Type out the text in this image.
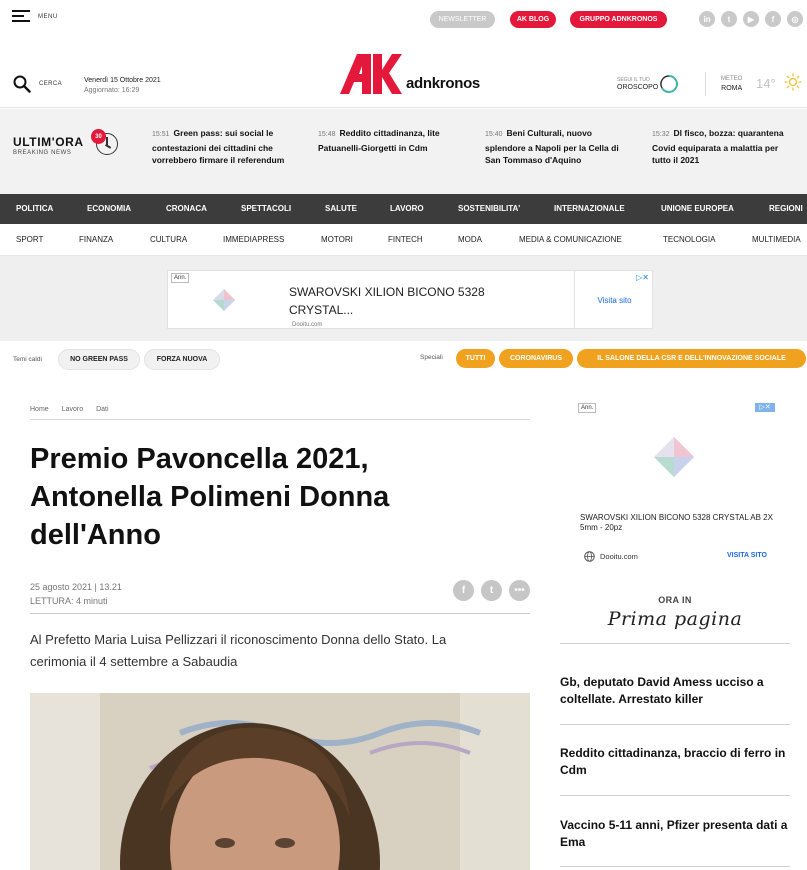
MENU	NEWSLETTER	AK BLOG	GRUPPO ADNKRONOS	in	t	▶	f	◎
CERCA	Venerdì 15 Ottobre 2021
Aggiornato: 16:29	adnkronos	SEGUI IL TUO
OROSCOPO
METEO
ROMA 14°
ULTIM'ORA
BREAKING NEWS
30	15:51 Green pass: sui social le contestazioni dei cittadini che vorrebbero firmare il referendum
15:48 Reddito cittadinanza, lite Patuanelli-Giorgetti in Cdm
15:40 Beni Culturali, nuovo splendore a Napoli per la Cella di San Tommaso d'Aquino
15:32 Dl fisco, bozza: quarantena Covid equiparata a malattia per tutto il 2021
POLITICA	ECONOMIA	CRONACA	SPETTACOLI	SALUTE	LAVORO	SOSTENIBILITA'	INTERNAZIONALE	UNIONE EUROPEA	REGIONI
SPORT	FINANZA	CULTURA	IMMEDIAPRESS	MOTORI	FINTECH	MODA	MEDIA & COMUNICAZIONE	TECNOLOGIA	MULTIMEDIA
Ann.
SWAROVSKI XILION BICONO 5328 CRYSTAL...
Visita sito
▷✕
Dooitu.com
Temi caldi	NO GREEN PASS	FORZA NUOVA	Speciali	TUTTI	CORONAVIRUS	IL SALONE DELLA CSR E DELL'INNOVAZIONE SOCIALE
Home Lavoro Dati
Premio Pavoncella 2021, Antonella Polimeni Donna dell'Anno
25 agosto 2021 | 13.21
LETTURA: 4 minuti
f	t	•••

Al Prefetto Maria Luisa Pellizzari il riconoscimento Donna dello Stato. La cerimonia il 4 settembre a Sabaudia

Ann.	▷✕
SWAROVSKI XILION BICONO 5328 CRYSTAL AB 2X 5mm - 20pz
Dooitu.com	VISITA SITO
ORA IN
Prima pagina
Gb, deputato David Amess ucciso a coltellate. Arrestato killer
Reddito cittadinanza, braccio di ferro in Cdm
Vaccino 5-11 anni, Pfizer presenta dati a Ema
